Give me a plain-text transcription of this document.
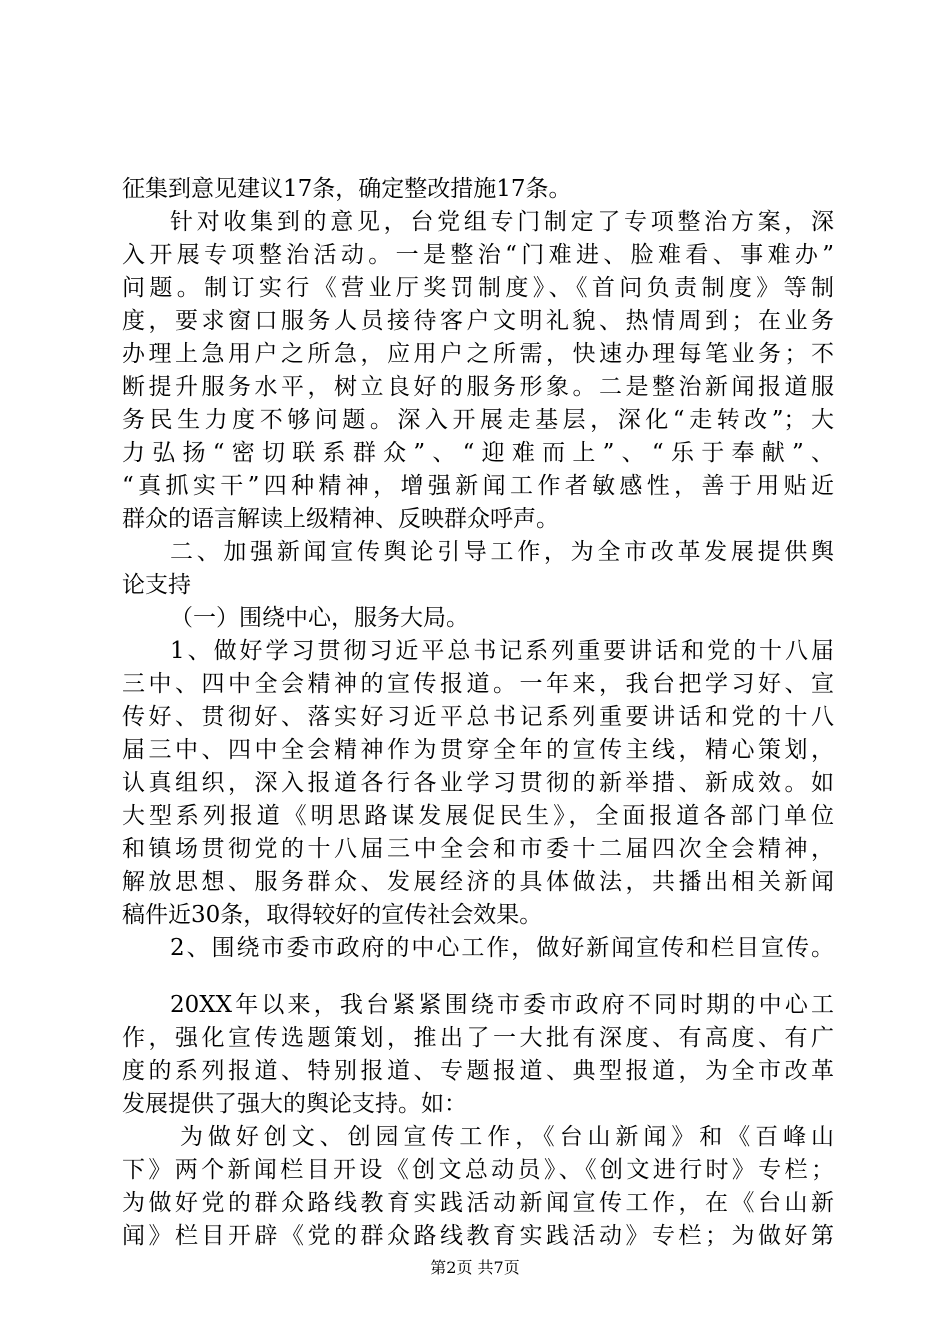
征集到意见建议17条，确定整改措施17条。
针对收集到的意见，台党组专门制定了专项整治方案，深
入开展专项整治活动。一是整治“门难进、脸难看、事难办”
问题。制订实行《营业厅奖罚制度》、《首问负责制度》等制
度，要求窗口服务人员接待客户文明礼貌、热情周到；在业务
办理上急用户之所急，应用户之所需，快速办理每笔业务；不
断提升服务水平，树立良好的服务形象。二是整治新闻报道服
务民生力度不够问题。深入开展走基层，深化“走转改”；大
力弘扬“密切联系群众”、“迎难而上”、“乐于奉献”、
“真抓实干”四种精神，增强新闻工作者敏感性，善于用贴近
群众的语言解读上级精神、反映群众呼声。
二、加强新闻宣传舆论引导工作，为全市改革发展提供舆
论支持
（一）围绕中心，服务大局。
1、做好学习贯彻习近平总书记系列重要讲话和党的十八届
三中、四中全会精神的宣传报道。一年来，我台把学习好、宣
传好、贯彻好、落实好习近平总书记系列重要讲话和党的十八
届三中、四中全会精神作为贯穿全年的宣传主线，精心策划，
认真组织，深入报道各行各业学习贯彻的新举措、新成效。如
大型系列报道《明思路谋发展促民生》，全面报道各部门单位
和镇场贯彻党的十八届三中全会和市委十二届四次全会精神，
解放思想、服务群众、发展经济的具体做法，共播出相关新闻
稿件近30条，取得较好的宣传社会效果。
2、围绕市委市政府的中心工作，做好新闻宣传和栏目宣传。
20XX年以来，我台紧紧围绕市委市政府不同时期的中心工
作，强化宣传选题策划，推出了一大批有深度、有高度、有广
度的系列报道、特别报道、专题报道、典型报道，为全市改革
发展提供了强大的舆论支持。如：
为做好创文、创园宣传工作，《台山新闻》和《百峰山
下》两个新闻栏目开设《创文总动员》、《创文进行时》专栏；
为做好党的群众路线教育实践活动新闻宣传工作，在《台山新
闻》栏目开辟《党的群众路线教育实践活动》专栏；为做好第
第2页 共7页
